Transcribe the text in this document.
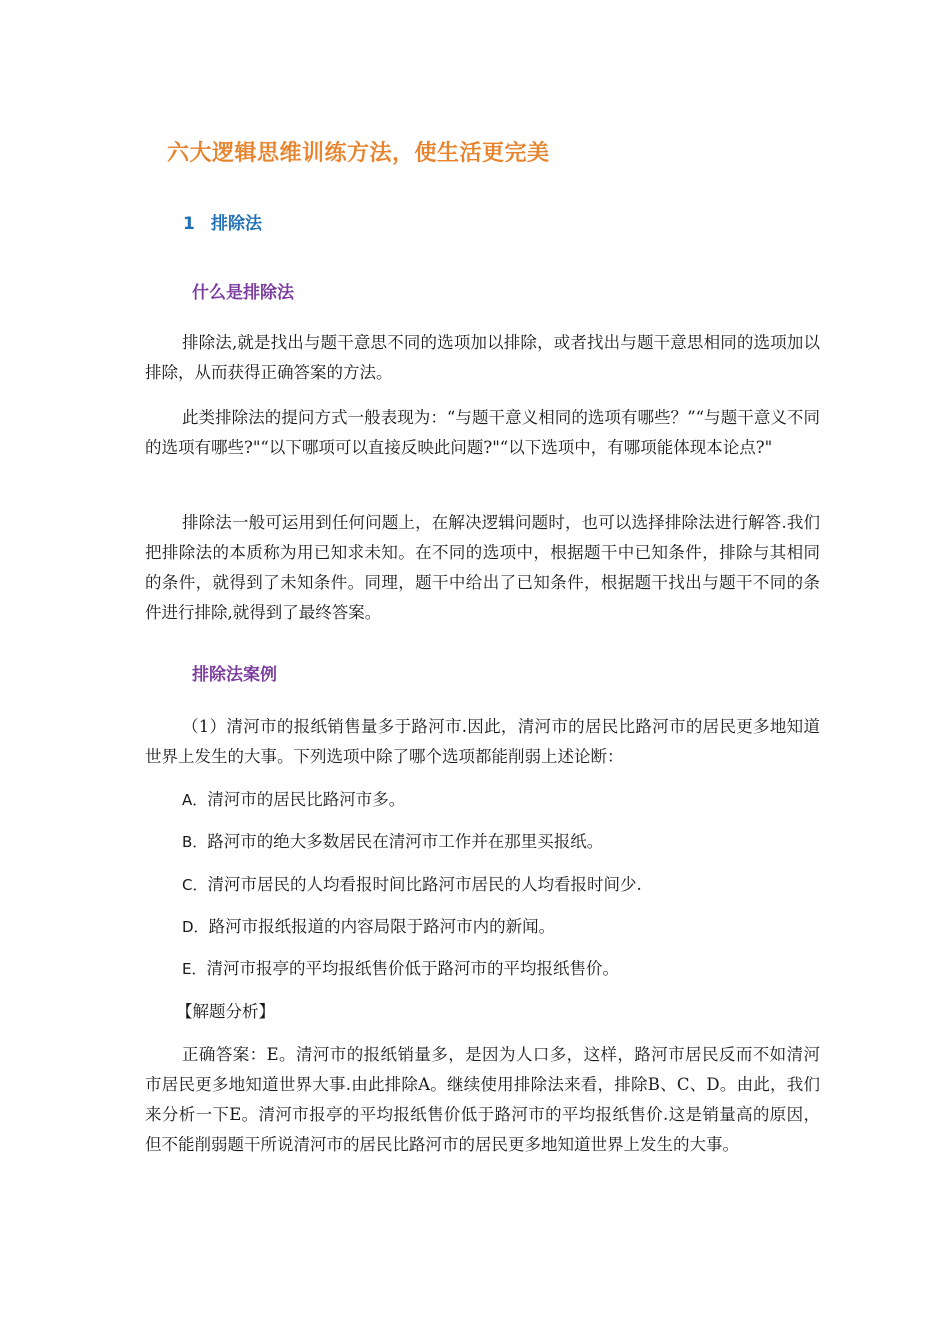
六大逻辑思维训练方法，使生活更完美
1 排除法
什么是排除法

排除法,就是找出与题干意思不同的选项加以排除，或者找出与题干意思相同的选项加以排除，从而获得正确答案的方法。

此类排除法的提问方式一般表现为：“与题干意义相同的选项有哪些？”“与题干意义不同的选项有哪些?"“以下哪项可以直接反映此问题?"“以下选项中，有哪项能体现本论点?"

排除法一般可运用到任何问题上，在解决逻辑问题时，也可以选择排除法进行解答.我们把排除法的本质称为用已知求未知。在不同的选项中，根据题干中已知条件，排除与其相同的条件，就得到了未知条件。同理，题干中给出了已知条件，根据题干找出与题干不同的条件进行排除,就得到了最终答案。

排除法案例

（1）清河市的报纸销售量多于路河市.因此，清河市的居民比路河市的居民更多地知道世界上发生的大事。下列选项中除了哪个选项都能削弱上述论断：

A．清河市的居民比路河市多。

B．路河市的绝大多数居民在清河市工作并在那里买报纸。

C．清河市居民的人均看报时间比路河市居民的人均看报时间少.

D．路河市报纸报道的内容局限于路河市内的新闻。

E．清河市报亭的平均报纸售价低于路河市的平均报纸售价。

【解题分析】

正确答案：E。清河市的报纸销量多，是因为人口多，这样，路河市居民反而不如清河市居民更多地知道世界大事.由此排除A。继续使用排除法来看，排除B、C、D。由此，我们来分析一下E。清河市报亭的平均报纸售价低于路河市的平均报纸售价.这是销量高的原因，但不能削弱题干所说清河市的居民比路河市的居民更多地知道世界上发生的大事。
